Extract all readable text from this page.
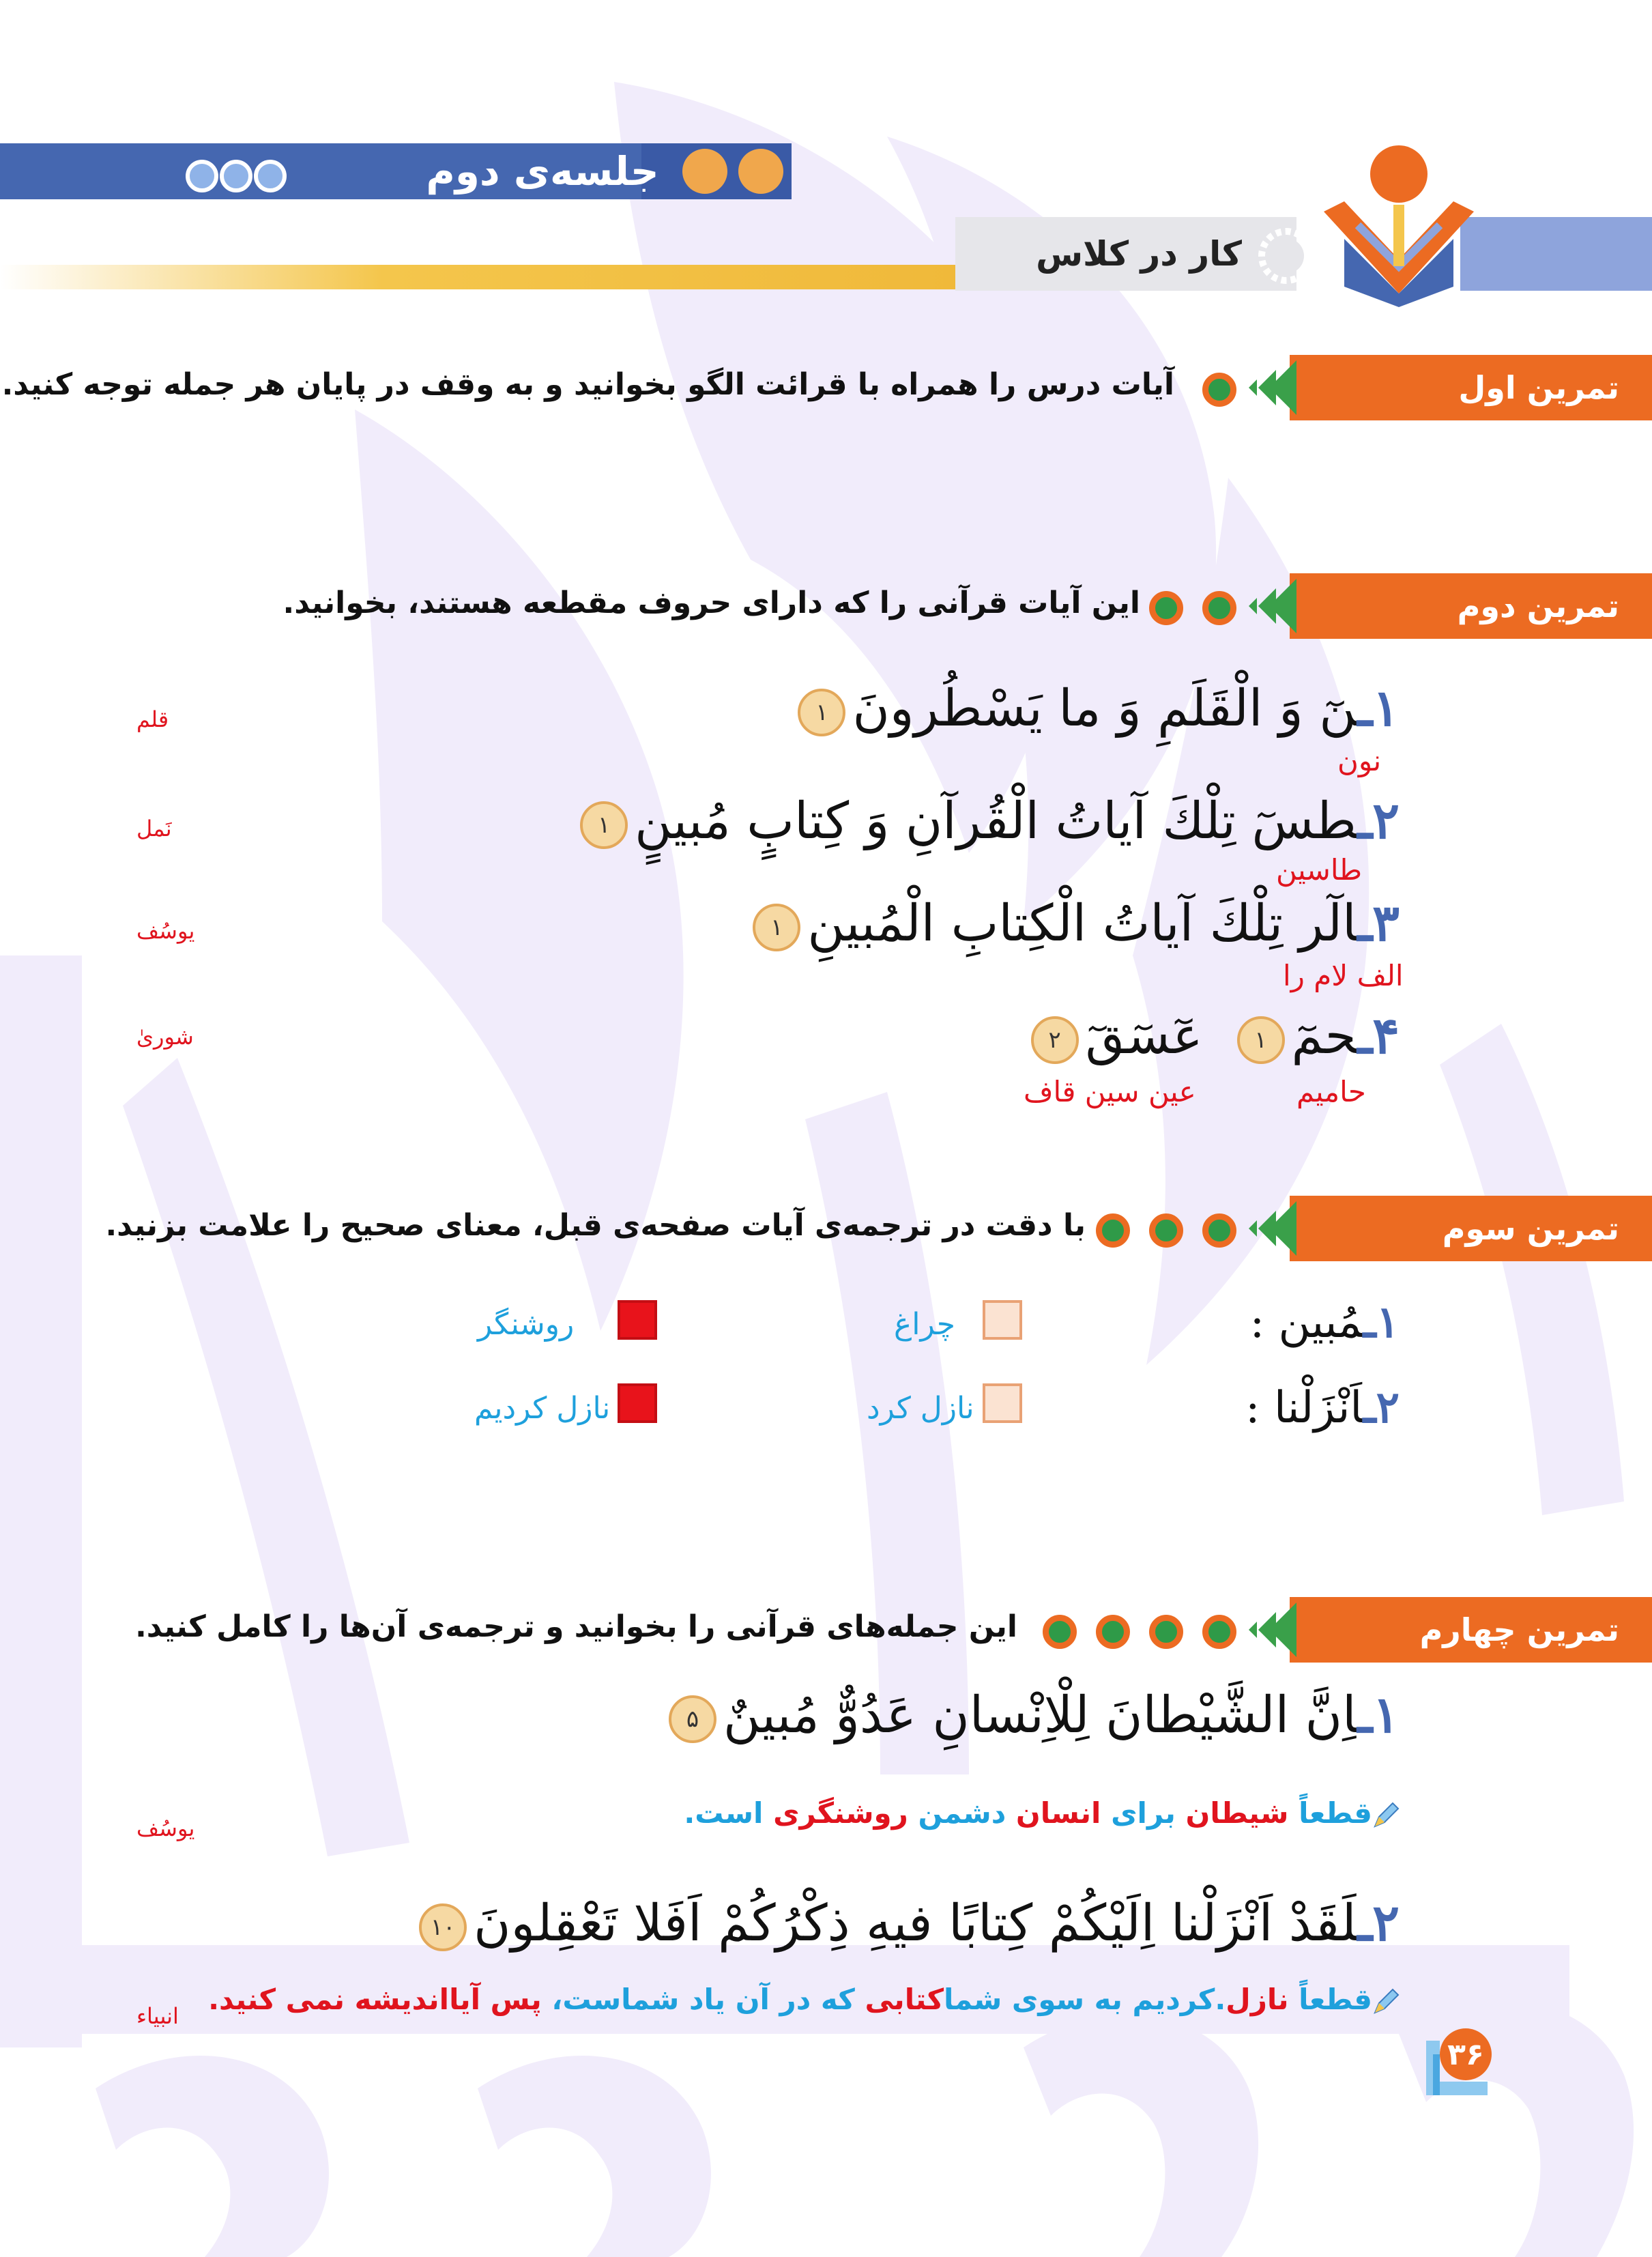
جلسه‌ی دوم
کار در کلاس
تمرین اول
آیات درس را همراه با قرائت الگو بخوانید و به وقف در پایان هر جمله توجه کنید.
تمرین دوم
این آیات قرآنی را که دارای حروف مقطعه هستند، بخوانید.
۱ـنٓ وَ الْقَلَمِ وَ ما يَسْطُرونَ۱
نون
قلم
۲ـطسٓ تِلْكَ آياتُ الْقُرآنِ وَ كِتابٍ مُبينٍ۱
طاسین
نَمل
۳ـالٓر تِلْكَ آياتُ الْكِتابِ الْمُبينِ۱
الف لام را
یوسُف
۴ـحمٓ۱عٓسٓقٓ۲
حامیم
عین سین قاف
شوریٰ
تمرین سوم
با دقت در ترجمه‌ی آیات صفحه‌ی قبل، معنای صحیح را علامت بزنید.
۱ـمُبين :
چراغ
روشنگر
۲ـاَنْزَلْنا :
نازل کرد
نازل کردیم
تمرین چهارم
این جمله‌های قرآنی را بخوانید و ترجمه‌ی آن‌ها را کامل کنید.
۱ـاِنَّ الشَّيْطانَ لِلْاِنْسانِ عَدُوٌّ مُبينٌ۵
قطعاً شیطان برای انسان دشمن روشنگری است.
یوسُف
۲ـلَقَدْ اَنْزَلْنا اِلَيْكُمْ كِتابًا فيهِ ذِكْرُكُمْ اَفَلا تَعْقِلونَ۱۰
قطعاً نازل.کردیم به سوی شماکتابی که در آن یاد شماست، پس آیااندیشه نمی کنید.
انبیاء
۳۶
